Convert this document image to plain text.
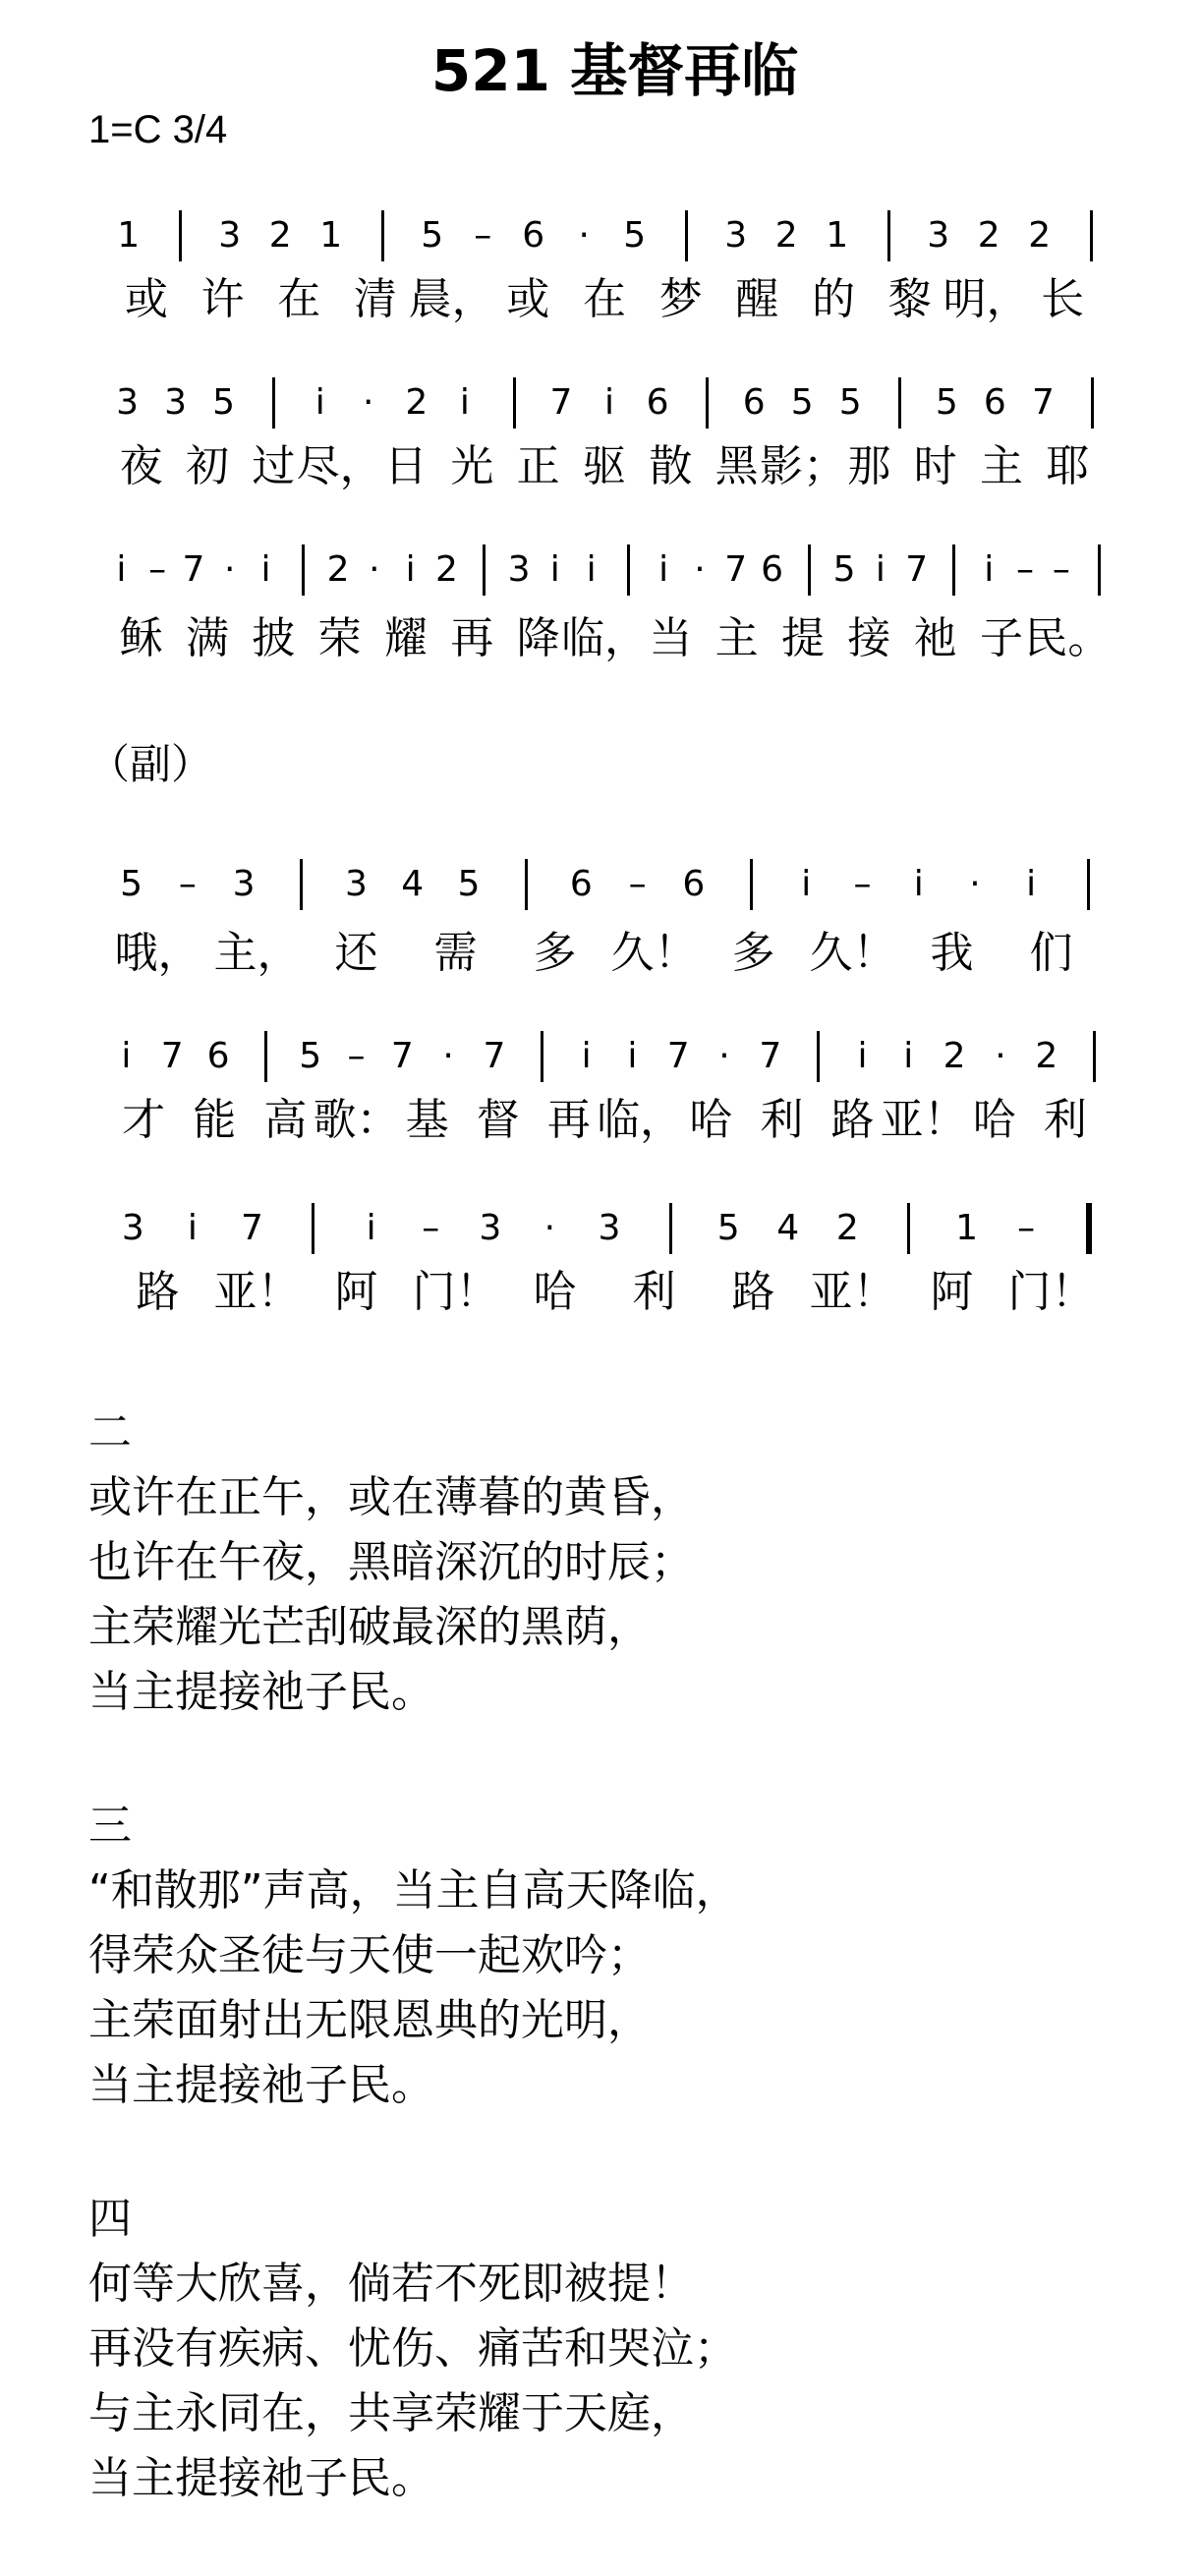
521 基督再临
1=C 3/4
1 3 2 1 5 – 6 · 5 3 2 1 3 2 2
或 许 在 清 晨， 或 在 梦 醒 的 黎 明， 长
3 3 5 i · 2 i 7 i 6 6 5 5 5 6 7
夜 初 过 尽， 日 光 正 驱 散 黑 影； 那 时 主 耶
i – 7 · i 2 · i 2 3 i i i · 7 6 5 i 7 i – –
稣 满 披 荣 耀 再 降 临， 当 主 提 接 祂 子 民。
5 – 3	3 4 5	6 – 6	i – i · i
哦， 主， 还 需 多 久！ 多 久！ 我 们
i 7 6 5 – 7 · 7 i i 7 · 7 i i 2 · 2
才 能 高 歌： 基 督 再 临， 哈 利 路 亚！ 哈 利
3 i 7	i – 3 · 3	5 4 2	1 –
路 亚！ 阿 门！ 哈 利 路 亚！ 阿 门！
（副）
二
或许在正午，或在薄暮的黄昏，
也许在午夜，黑暗深沉的时辰；
主荣耀光芒刮破最深的黑荫，
当主提接祂子民。
三
“和散那”声高，当主自高天降临，
得荣众圣徒与天使一起欢吟；
主荣面射出无限恩典的光明，
当主提接祂子民。
四
何等大欣喜，倘若不死即被提！
再没有疾病、忧伤、痛苦和哭泣；
与主永同在，共享荣耀于天庭，
当主提接祂子民。
